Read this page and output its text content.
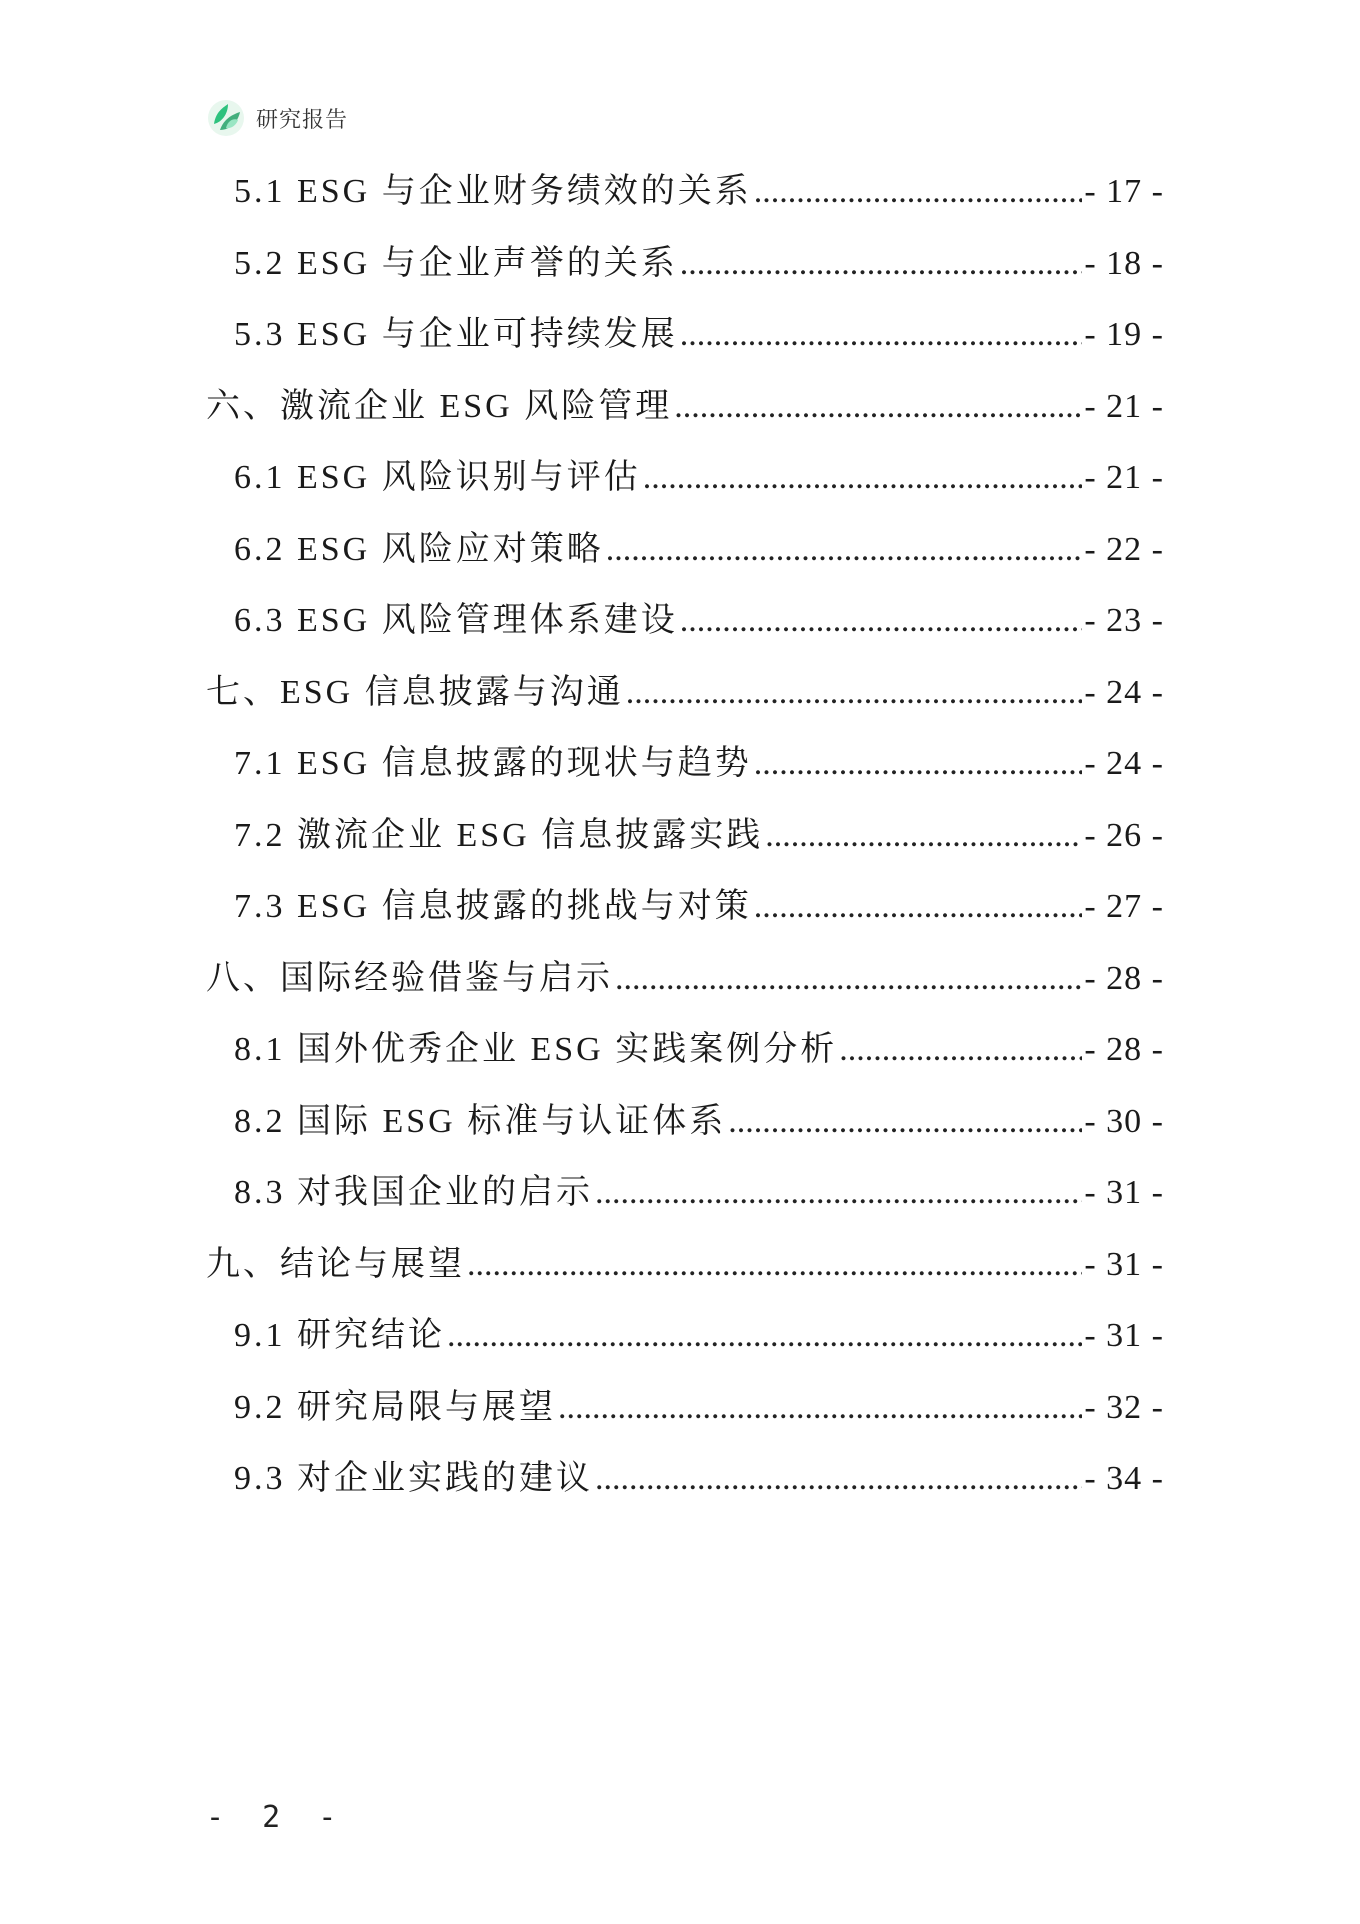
研究报告
5.1 ESG 与企业财务绩效的关系 .....	- 17 -
5.2 ESG 与企业声誉的关系 .....	- 18 -
5.3 ESG 与企业可持续发展 .....	- 19 -
六、激流企业 ESG 风险管理 .....	- 21 -
6.1 ESG 风险识别与评估 .....	- 21 -
6.2 ESG 风险应对策略 .....	- 22 -
6.3 ESG 风险管理体系建设 .....	- 23 -
七、ESG 信息披露与沟通 .....	- 24 -
7.1 ESG 信息披露的现状与趋势 .....	- 24 -
7.2 激流企业 ESG 信息披露实践 .....	- 26 -
7.3 ESG 信息披露的挑战与对策 .....	- 27 -
八、国际经验借鉴与启示 .....	- 28 -
8.1 国外优秀企业 ESG 实践案例分析 .....	- 28 -
8.2 国际 ESG 标准与认证体系 .....	- 30 -
8.3 对我国企业的启示 .....	- 31 -
九、结论与展望 .....	- 31 -
9.1 研究结论 .....	- 31 -
9.2 研究局限与展望 .....	- 32 -
9.3 对企业实践的建议 .....	- 34 -
- 2 -
